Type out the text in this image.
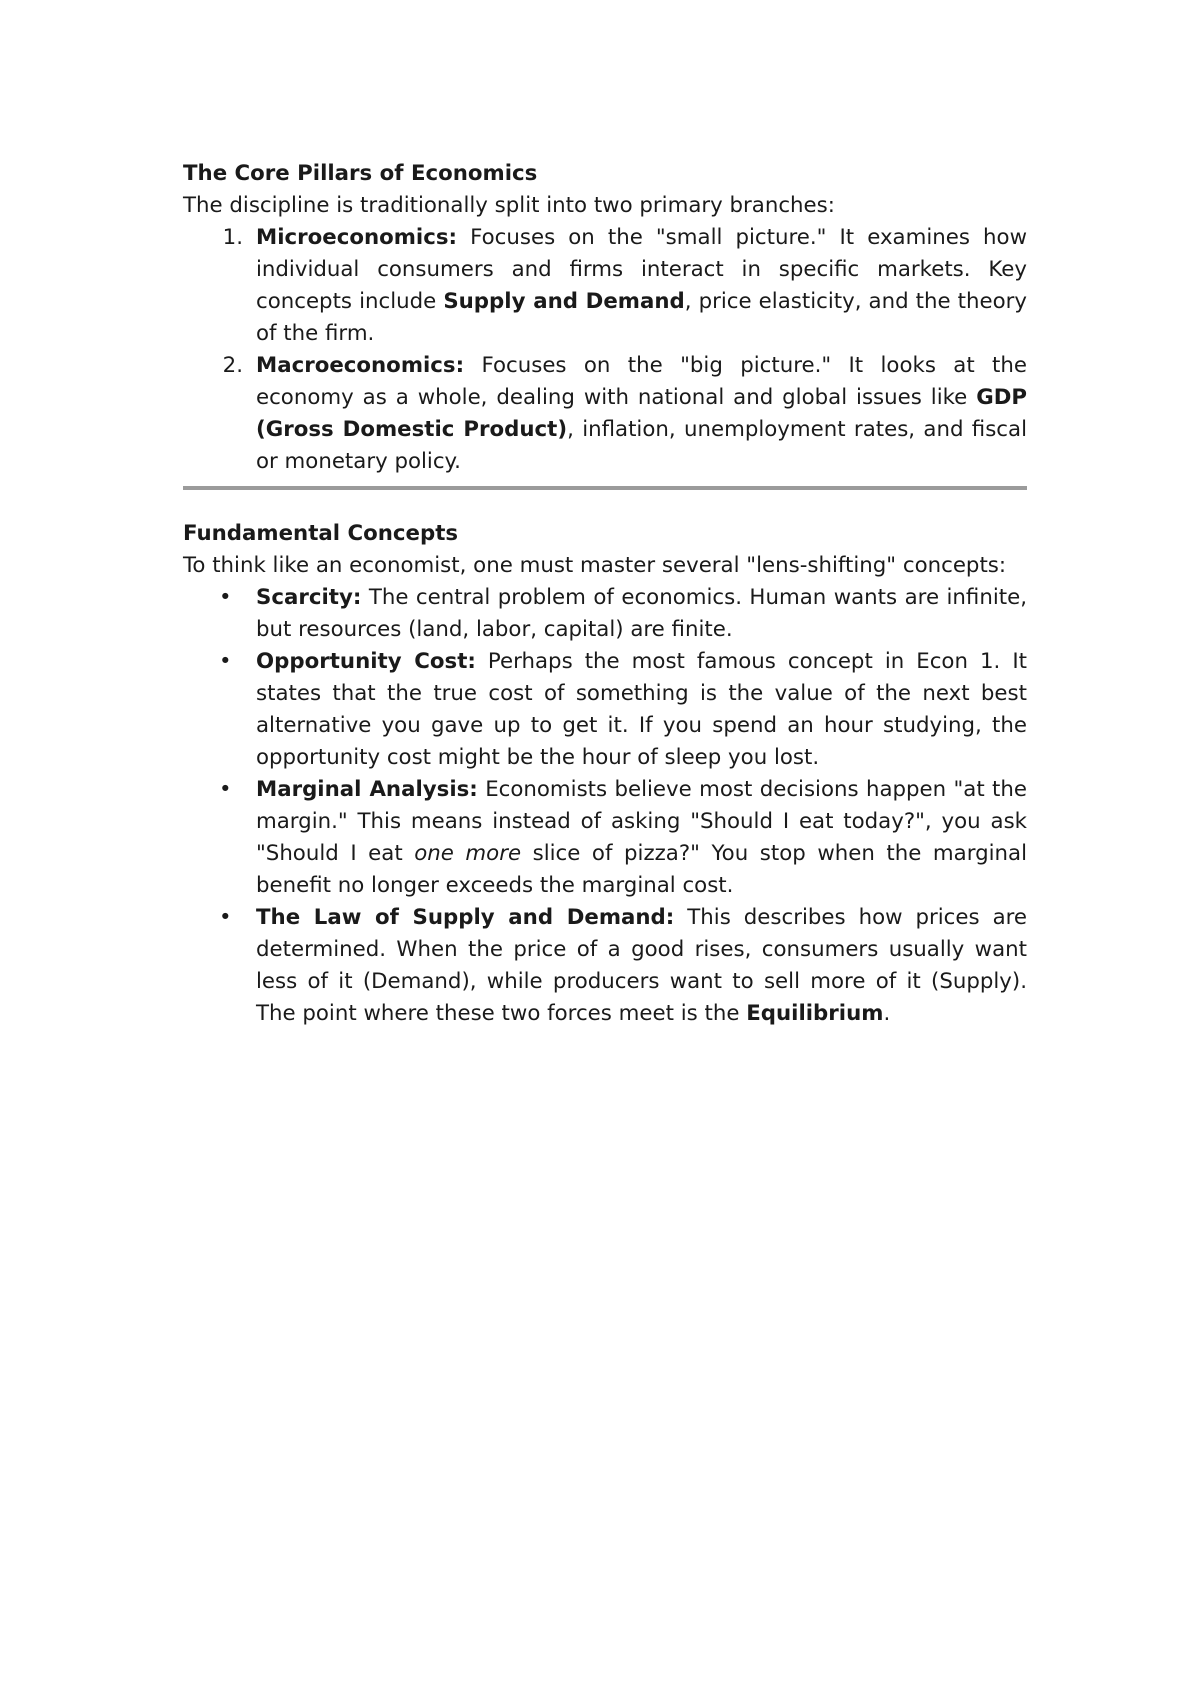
The Core Pillars of Economics

The discipline is traditionally split into two primary branches:

1. Microeconomics: Focuses on the "small picture." It examines how individual consumers and firms interact in specific markets. Key concepts include Supply and Demand, price elasticity, and the theory of the firm.
2. Macroeconomics: Focuses on the "big picture." It looks at the economy as a whole, dealing with national and global issues like GDP (Gross Domestic Product), inflation, unemployment rates, and fiscal or monetary policy.
Fundamental Concepts

To think like an economist, one must master several "lens-shifting" concepts:

• Scarcity: The central problem of economics. Human wants are infinite, but resources (land, labor, capital) are finite.
• Opportunity Cost: Perhaps the most famous concept in Econ 1. It states that the true cost of something is the value of the next best alternative you gave up to get it. If you spend an hour studying, the opportunity cost might be the hour of sleep you lost.
• Marginal Analysis: Economists believe most decisions happen "at the margin." This means instead of asking "Should I eat today?", you ask "Should I eat one more slice of pizza?" You stop when the marginal benefit no longer exceeds the marginal cost.
• The Law of Supply and Demand: This describes how prices are determined. When the price of a good rises, consumers usually want less of it (Demand), while producers want to sell more of it (Supply). The point where these two forces meet is the Equilibrium.
